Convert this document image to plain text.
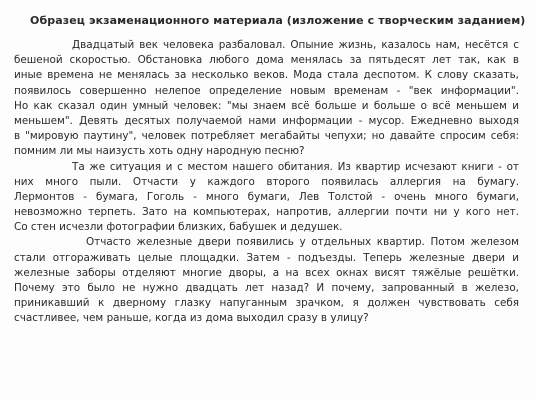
Образец экзаменационного материала (изложение с творческим заданием)
Двадцатый век человека разбаловал. Опыние жизнь, казалось нам, несётся с
бешеной скоростью. Обстановка любого дома менялась за пятьдесят лет так, как в
иные времена не менялась за несколько веков. Мода стала деспотом. К слову сказать,
появилось совершенно нелепое определение новым временам - "век информации".
Но как сказал один умный человек: "мы знаем всё больше и больше о всё меньшем и
меньшем". Девять десятых получаемой нами информации - мусор. Ежедневно выходя
в "мировую паутину", человек потребляет мегабайты чепухи; но давайте спросим себя:
помним ли мы наизусть хоть одну народную песню?
Та же ситуация и с местом нашего обитания. Из квартир исчезают книги - от
них много пыли. Отчасти у каждого второго появилась аллергия на бумагу.
Лермонтов - бумага, Гоголь - много бумаги, Лев Толстой - очень много бумаги,
невозможно терпеть. Зато на компьютерах, напротив, аллергии почти ни у кого нет.
Со стен исчезли фотографии близких, бабушек и дедушек.
Отчасто железные двери появились у отдельных квартир. Потом железом
стали отгораживать целые площадки. Затем - подъезды. Теперь железные двери и
железные заборы отделяют многие дворы, а на всех окнах висят тяжёлые решётки.
Почему это было не нужно двадцать лет назад? И почему, запрованный в железо,
приникавший к дверному глазку напуганным зрачком, я должен чувствовать себя
счастливее, чем раньше, когда из дома выходил сразу в улицу?
